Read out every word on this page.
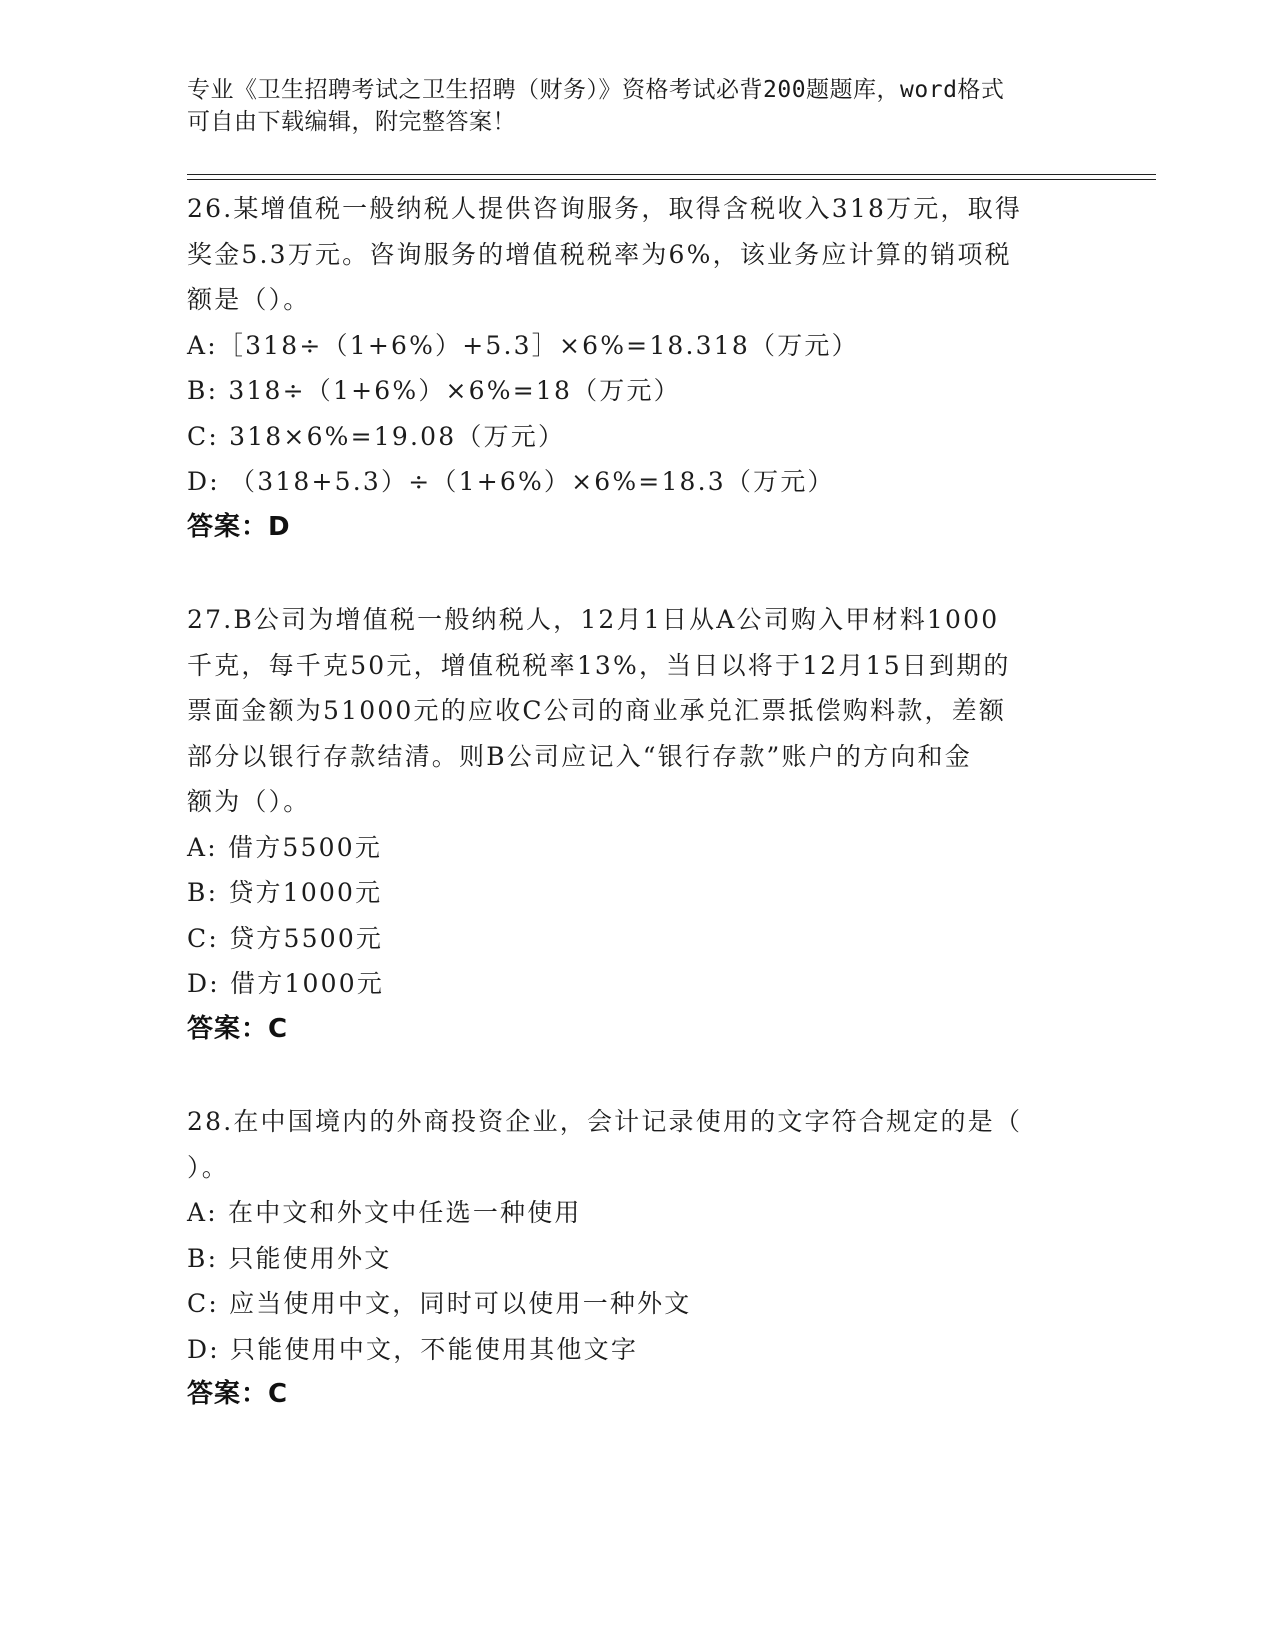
专业《卫生招聘考试之卫生招聘（财务）》资格考试必背200题题库，word格式
可自由下载编辑，附完整答案！
26.某增值税一般纳税人提供咨询服务，取得含税收入318万元，取得
奖金5.3万元。咨询服务的增值税税率为6%，该业务应计算的销项税
额是（）。
A:［318÷（1+6%）+5.3］×6%=18.318（万元）
B: 318÷（1+6%）×6%=18（万元）
C: 318×6%=19.08（万元）
D: （318+5.3）÷（1+6%）×6%=18.3（万元）
答案：D
27.B公司为增值税一般纳税人，12月1日从A公司购入甲材料1000
千克，每千克50元，增值税税率13%，当日以将于12月15日到期的
票面金额为51000元的应收C公司的商业承兑汇票抵偿购料款，差额
部分以银行存款结清。则B公司应记入“银行存款”账户的方向和金
额为（）。
A: 借方5500元
B: 贷方1000元
C: 贷方5500元
D: 借方1000元
答案：C
28.在中国境内的外商投资企业，会计记录使用的文字符合规定的是（
）。
A: 在中文和外文中任选一种使用
B: 只能使用外文
C: 应当使用中文，同时可以使用一种外文
D: 只能使用中文，不能使用其他文字
答案：C
